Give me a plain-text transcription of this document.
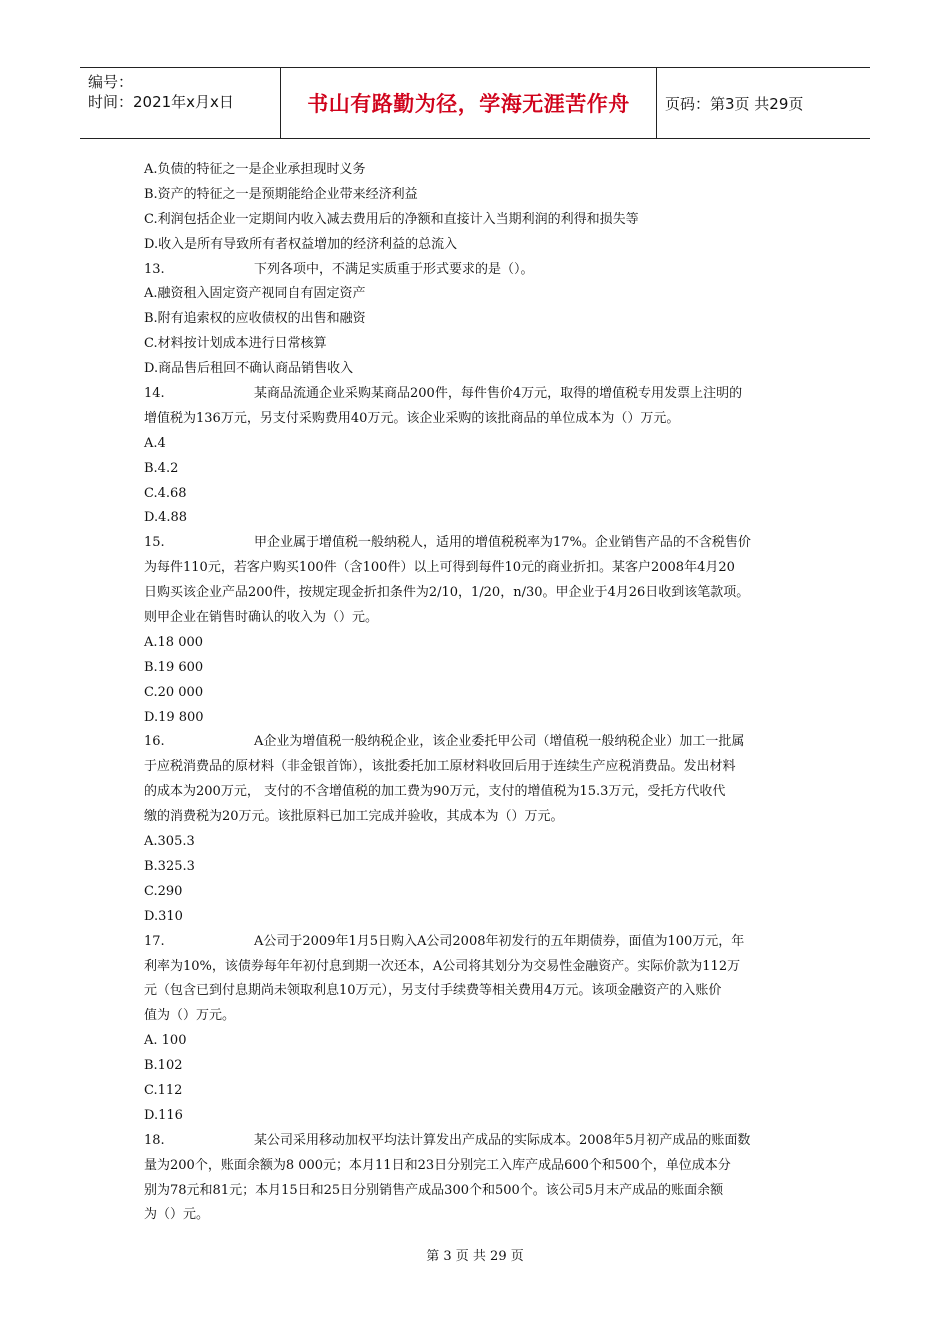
编号：
时间：2021年x月x日	书山有路勤为径，学海无涯苦作舟	页码：第3页 共29页
A.负债的特征之一是企业承担现时义务
B.资产的特征之一是预期能给企业带来经济利益
C.利润包括企业一定期间内收入减去费用后的净额和直接计入当期利润的利得和损失等
D.收入是所有导致所有者权益增加的经济利益的总流入
13.	下列各项中，不满足实质重于形式要求的是（）。
A.融资租入固定资产视同自有固定资产
B.附有追索权的应收债权的出售和融资
C.材料按计划成本进行日常核算
D.商品售后租回不确认商品销售收入
14.	某商品流通企业采购某商品200件，每件售价4万元，取得的增值税专用发票上注明的
增值税为136万元，另支付采购费用40万元。该企业采购的该批商品的单位成本为（）万元。
A.4
B.4.2
C.4.68
D.4.88
15.	甲企业属于增值税一般纳税人，适用的增值税税率为17%。企业销售产品的不含税售价
为每件110元，若客户购买100件（含100件）以上可得到每件10元的商业折扣。某客户2008年4月20
日购买该企业产品200件，按规定现金折扣条件为2/10，1/20，n/30。甲企业于4月26日收到该笔款项。
则甲企业在销售时确认的收入为（）元。
A.18 000
B.19 600
C.20 000
D.19 800
16.	A企业为增值税一般纳税企业，该企业委托甲公司（增值税一般纳税企业）加工一批属
于应税消费品的原材料（非金银首饰），该批委托加工原材料收回后用于连续生产应税消费品。发出材料
的成本为200万元， 支付的不含增值税的加工费为90万元，支付的增值税为15.3万元，受托方代收代
缴的消费税为20万元。该批原料已加工完成并验收，其成本为（）万元。
A.305.3
B.325.3
C.290
D.310
17.	A公司于2009年1月5日购入A公司2008年初发行的五年期债券，面值为100万元，年
利率为10%，该债券每年年初付息到期一次还本，A公司将其划分为交易性金融资产。实际价款为112万
元（包含已到付息期尚未领取利息10万元），另支付手续费等相关费用4万元。该项金融资产的入账价
值为（）万元。
A. 100
B.102
C.112
D.116
18.	某公司采用移动加权平均法计算发出产成品的实际成本。2008年5月初产成品的账面数
量为200个，账面余额为8 000元；本月11日和23日分别完工入库产成品600个和500个，单位成本分
别为78元和81元；本月15日和25日分别销售产成品300个和500个。该公司5月末产成品的账面余额
为（）元。
第 3 页 共 29 页
